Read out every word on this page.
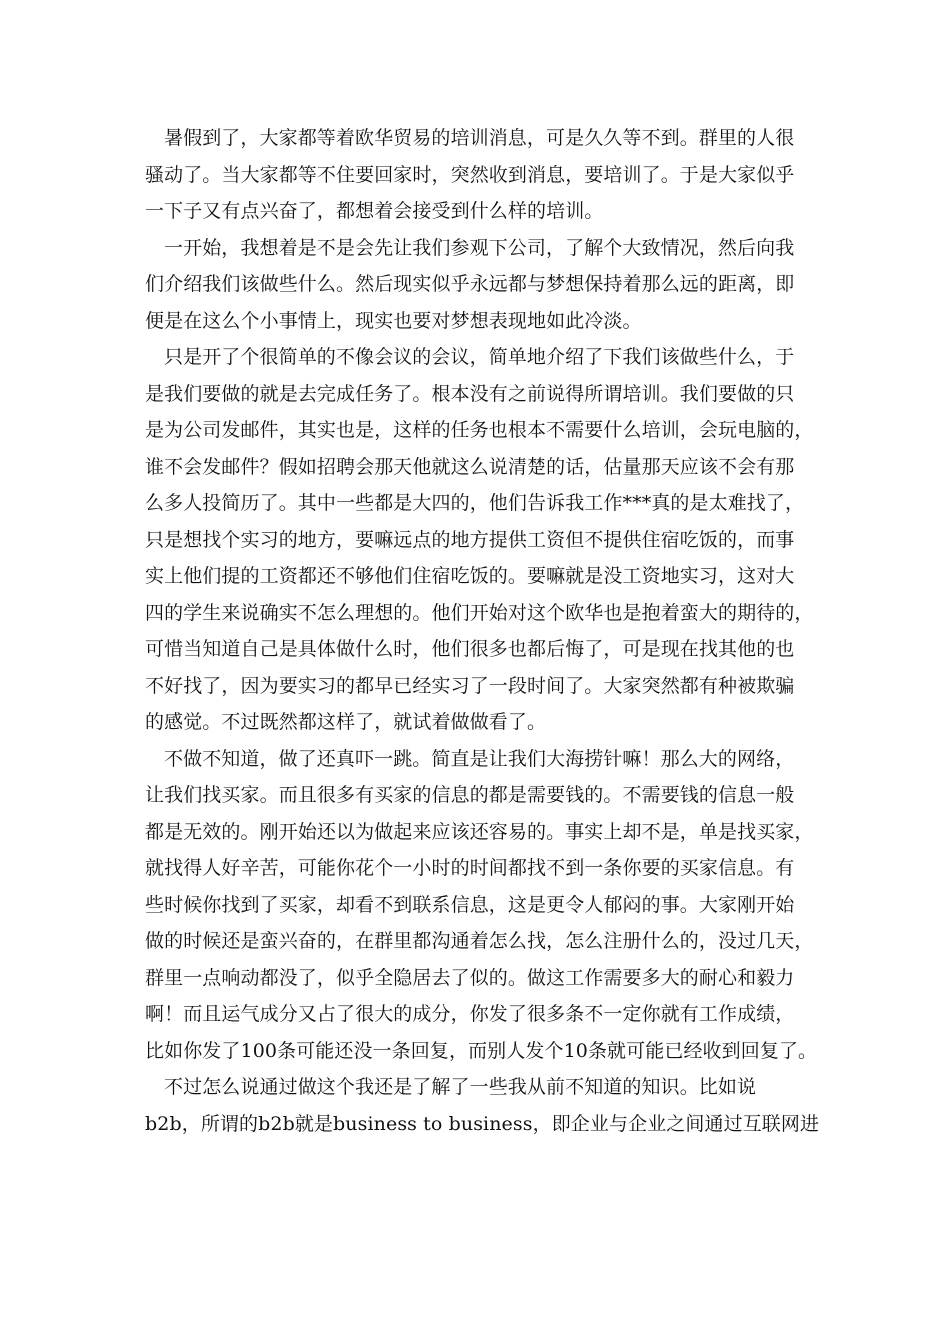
暑假到了，大家都等着欧华贸易的培训消息，可是久久等不到。群里的人很
骚动了。当大家都等不住要回家时，突然收到消息，要培训了。于是大家似乎
一下子又有点兴奋了，都想着会接受到什么样的培训。
一开始，我想着是不是会先让我们参观下公司，了解个大致情况，然后向我
们介绍我们该做些什么。然后现实似乎永远都与梦想保持着那么远的距离，即
便是在这么个小事情上，现实也要对梦想表现地如此冷淡。
只是开了个很简单的不像会议的会议，简单地介绍了下我们该做些什么，于
是我们要做的就是去完成任务了。根本没有之前说得所谓培训。我们要做的只
是为公司发邮件，其实也是，这样的任务也根本不需要什么培训，会玩电脑的，
谁不会发邮件？假如招聘会那天他就这么说清楚的话，估量那天应该不会有那
么多人投简历了。其中一些都是大四的，他们告诉我工作***真的是太难找了，
只是想找个实习的地方，要嘛远点的地方提供工资但不提供住宿吃饭的，而事
实上他们提的工资都还不够他们住宿吃饭的。要嘛就是没工资地实习，这对大
四的学生来说确实不怎么理想的。他们开始对这个欧华也是抱着蛮大的期待的，
可惜当知道自己是具体做什么时，他们很多也都后悔了，可是现在找其他的也
不好找了，因为要实习的都早已经实习了一段时间了。大家突然都有种被欺骗
的感觉。不过既然都这样了，就试着做做看了。
不做不知道，做了还真吓一跳。简直是让我们大海捞针嘛！那么大的网络，
让我们找买家。而且很多有买家的信息的都是需要钱的。不需要钱的信息一般
都是无效的。刚开始还以为做起来应该还容易的。事实上却不是，单是找买家，
就找得人好辛苦，可能你花个一小时的时间都找不到一条你要的买家信息。有
些时候你找到了买家，却看不到联系信息，这是更令人郁闷的事。大家刚开始
做的时候还是蛮兴奋的，在群里都沟通着怎么找，怎么注册什么的，没过几天，
群里一点响动都没了，似乎全隐居去了似的。做这工作需要多大的耐心和毅力
啊！而且运气成分又占了很大的成分，你发了很多条不一定你就有工作成绩，
比如你发了100条可能还没一条回复，而别人发个10条就可能已经收到回复了。
不过怎么说通过做这个我还是了解了一些我从前不知道的知识。比如说
b2b，所谓的b2b就是business to business，即企业与企业之间通过互联网进
